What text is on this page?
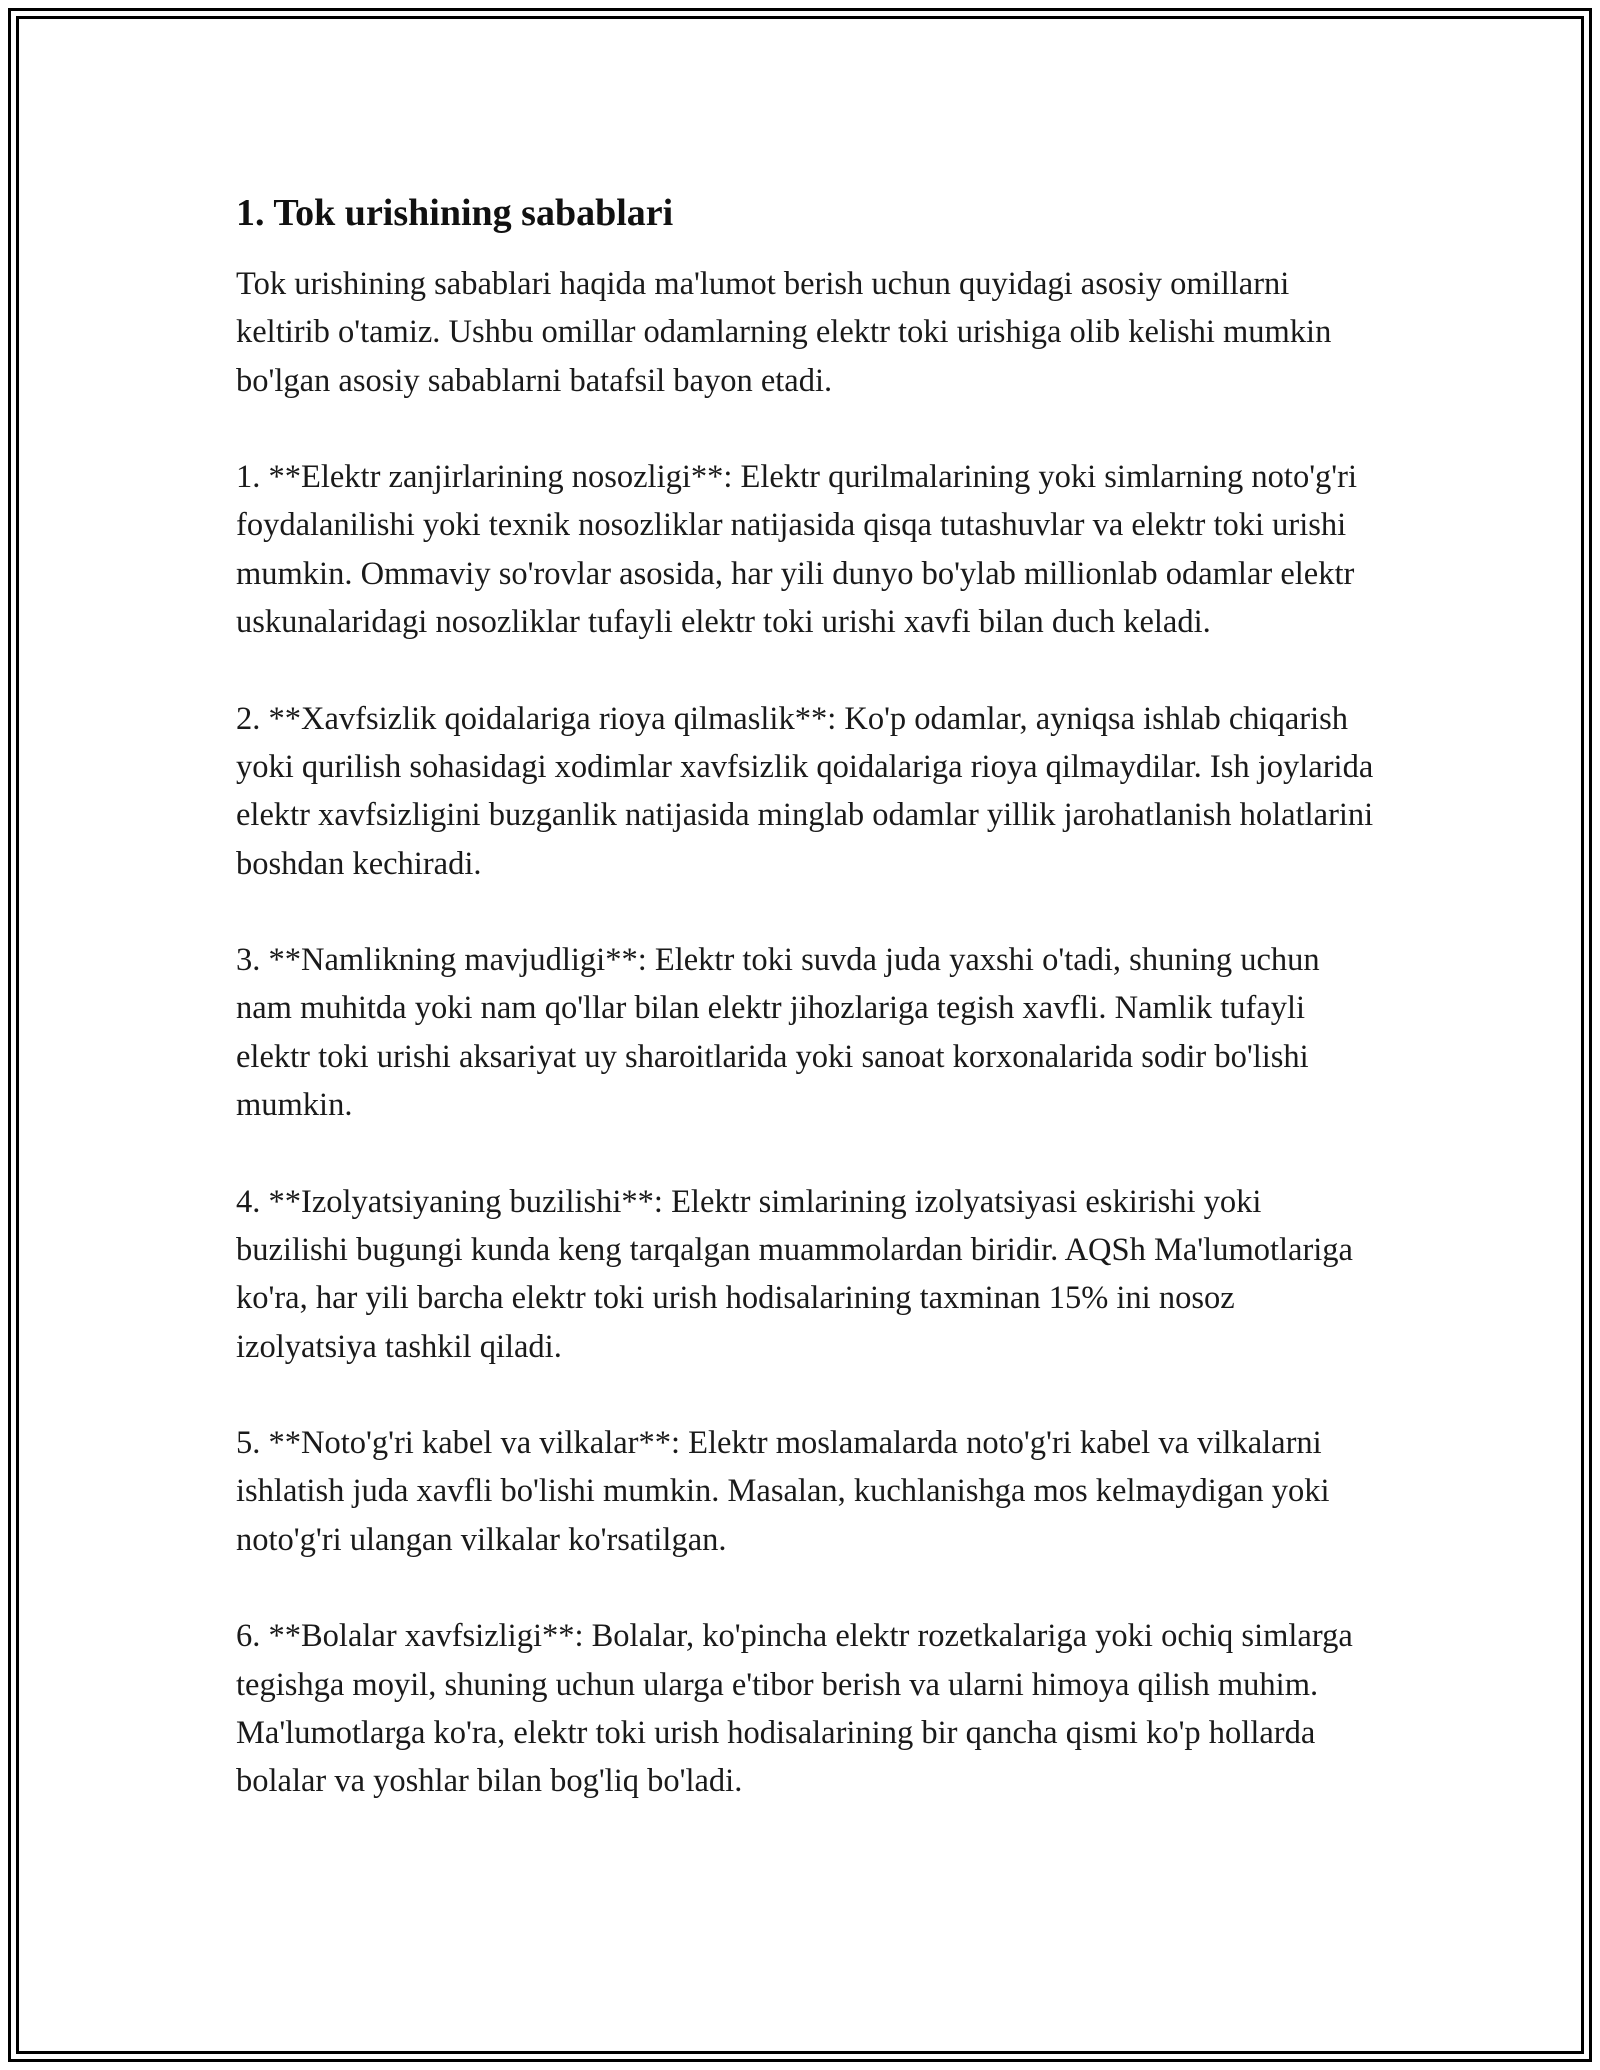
1. Tok urishining sabablari

Tok urishining sabablari haqida ma'lumot berish uchun quyidagi asosiy omillarni keltirib o'tamiz. Ushbu omillar odamlarning elektr toki urishiga olib kelishi mumkin bo'lgan asosiy sabablarni batafsil bayon etadi.

1. **Elektr zanjirlarining nosozligi**: Elektr qurilmalarining yoki simlarning noto'g'ri foydalanilishi yoki texnik nosozliklar natijasida qisqa tutashuvlar va elektr toki urishi mumkin. Ommaviy so'rovlar asosida, har yili dunyo bo'ylab millionlab odamlar elektr uskunalaridagi nosozliklar tufayli elektr toki urishi xavfi bilan duch keladi.

2. **Xavfsizlik qoidalariga rioya qilmaslik**: Ko'p odamlar, ayniqsa ishlab chiqarish yoki qurilish sohasidagi xodimlar xavfsizlik qoidalariga rioya qilmaydilar. Ish joylarida elektr xavfsizligini buzganlik natijasida minglab odamlar yillik jarohatlanish holatlarini boshdan kechiradi.

3. **Namlikning mavjudligi**: Elektr toki suvda juda yaxshi o'tadi, shuning uchun nam muhitda yoki nam qo'llar bilan elektr jihozlariga tegish xavfli. Namlik tufayli elektr toki urishi aksariyat uy sharoitlarida yoki sanoat korxonalarida sodir bo'lishi mumkin.

4. **Izolyatsiyaning buzilishi**: Elektr simlarining izolyatsiyasi eskirishi yoki buzilishi bugungi kunda keng tarqalgan muammolardan biridir. AQSh Ma'lumotlariga ko'ra, har yili barcha elektr toki urish hodisalarining taxminan 15% ini nosoz izolyatsiya tashkil qiladi.

5. **Noto'g'ri kabel va vilkalar**: Elektr moslamalarda noto'g'ri kabel va vilkalarni ishlatish juda xavfli bo'lishi mumkin. Masalan, kuchlanishga mos kelmaydigan yoki noto'g'ri ulangan vilkalar ko'rsatilgan.

6. **Bolalar xavfsizligi**: Bolalar, ko'pincha elektr rozetkalariga yoki ochiq simlarga tegishga moyil, shuning uchun ularga e'tibor berish va ularni himoya qilish muhim. Ma'lumotlarga ko'ra, elektr toki urish hodisalarining bir qancha qismi ko'p hollarda bolalar va yoshlar bilan bog'liq bo'ladi.
